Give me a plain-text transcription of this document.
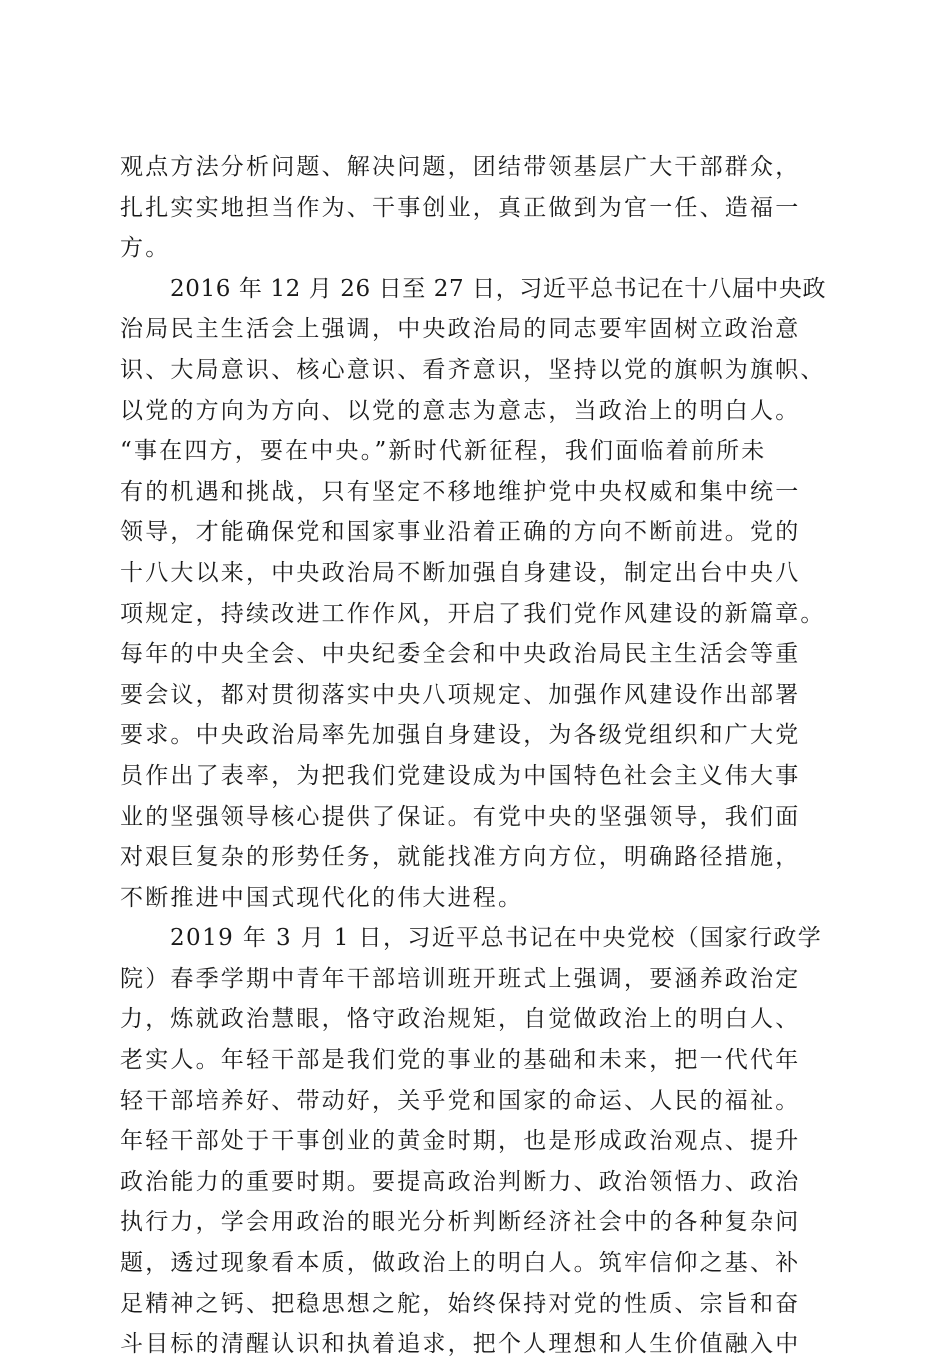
观点方法分析问题、解决问题，团结带领基层广大干部群众，
扎扎实实地担当作为、干事创业，真正做到为官一任、造福一
方。
2016 年 12 月 26 日至 27 日，习近平总书记在十八届中央政
治局民主生活会上强调，中央政治局的同志要牢固树立政治意
识、大局意识、核心意识、看齐意识，坚持以党的旗帜为旗帜、
以党的方向为方向、以党的意志为意志，当政治上的明白人。
“事在四方，要在中央。”新时代新征程，我们面临着前所未
有的机遇和挑战，只有坚定不移地维护党中央权威和集中统一
领导，才能确保党和国家事业沿着正确的方向不断前进。党的
十八大以来，中央政治局不断加强自身建设，制定出台中央八
项规定，持续改进工作作风，开启了我们党作风建设的新篇章。
每年的中央全会、中央纪委全会和中央政治局民主生活会等重
要会议，都对贯彻落实中央八项规定、加强作风建设作出部署
要求。中央政治局率先加强自身建设，为各级党组织和广大党
员作出了表率，为把我们党建设成为中国特色社会主义伟大事
业的坚强领导核心提供了保证。有党中央的坚强领导，我们面
对艰巨复杂的形势任务，就能找准方向方位，明确路径措施，
不断推进中国式现代化的伟大进程。
2019 年 3 月 1 日，习近平总书记在中央党校（国家行政学
院）春季学期中青年干部培训班开班式上强调，要涵养政治定
力，炼就政治慧眼，恪守政治规矩，自觉做政治上的明白人、
老实人。年轻干部是我们党的事业的基础和未来，把一代代年
轻干部培养好、带动好，关乎党和国家的命运、人民的福祉。
年轻干部处于干事创业的黄金时期，也是形成政治观点、提升
政治能力的重要时期。要提高政治判断力、政治领悟力、政治
执行力，学会用政治的眼光分析判断经济社会中的各种复杂问
题，透过现象看本质，做政治上的明白人。筑牢信仰之基、补
足精神之钙、把稳思想之舵，始终保持对党的性质、宗旨和奋
斗目标的清醒认识和执着追求，把个人理想和人生价值融入中
